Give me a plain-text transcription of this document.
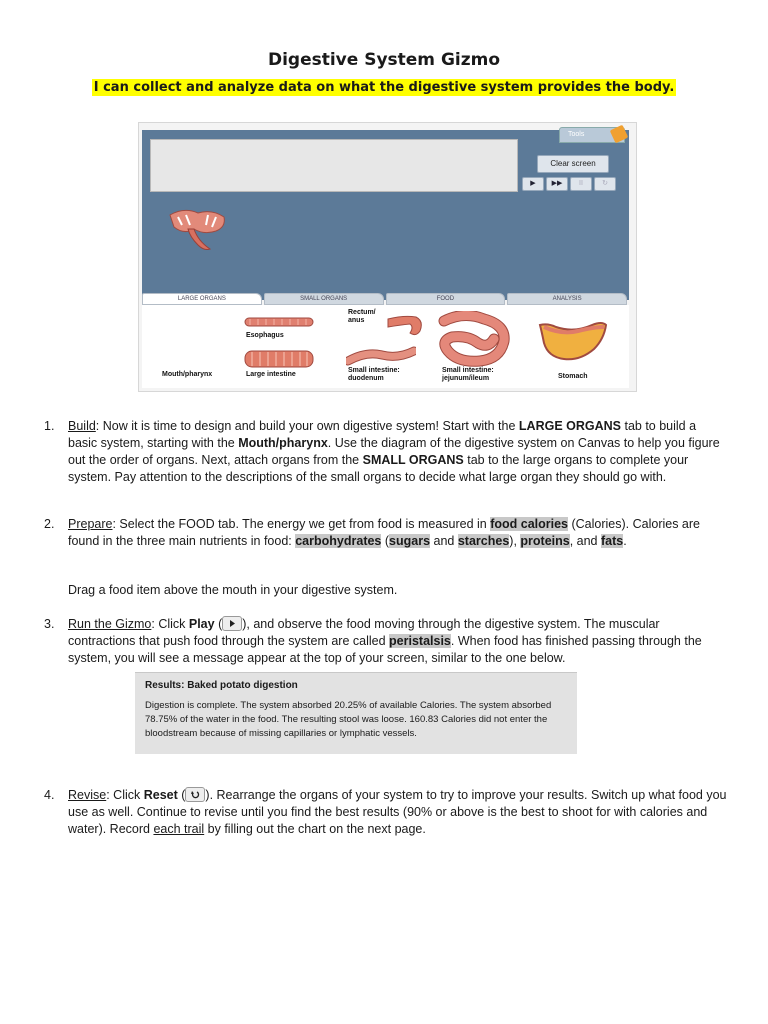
Digestive System Gizmo
I can collect and analyze data on what the digestive system provides the body.
Tools
Clear screen
▶	▶▶	II	↻
LARGE ORGANS	SMALL ORGANS	FOOD	ANALYSIS
Mouth/pharynx
Esophagus
Large intestine
Rectum/
anus
Small intestine:
duodenum
Small intestine:
jejunum/ileum	Stomach
1. Build: Now it is time to design and build your own digestive system! Start with the LARGE ORGANS tab to build a basic system, starting with the Mouth/pharynx. Use the diagram of the digestive system on Canvas to help you figure out the order of organs. Next, attach organs from the SMALL ORGANS tab to the large organs to complete your system. Pay attention to the descriptions of the small organs to decide what large organ they should go with.
2. Prepare: Select the FOOD tab. The energy we get from food is measured in food calories (Calories). Calories are found in the three main nutrients in food: carbohydrates (sugars and starches), proteins, and fats.
Drag a food item above the mouth in your digestive system.
3. Run the Gizmo: Click Play ( ), and observe the food moving through the digestive system. The muscular contractions that push food through the system are called peristalsis. When food has finished passing through the system, you will see a message appear at the top of your screen, similar to the one below.
Results: Baked potato digestion
Digestion is complete. The system absorbed 20.25% of available Calories. The system absorbed 78.75% of the water in the food. The resulting stool was loose. 160.83 Calories did not enter the bloodstream because of missing capillaries or lymphatic vessels.
4. Revise: Click Reset ( ). Rearrange the organs of your system to try to improve your results. Switch up what food you use as well. Continue to revise until you find the best results (90% or above is the best to shoot for with calories and water). Record each trail by filling out the chart on the next page.
